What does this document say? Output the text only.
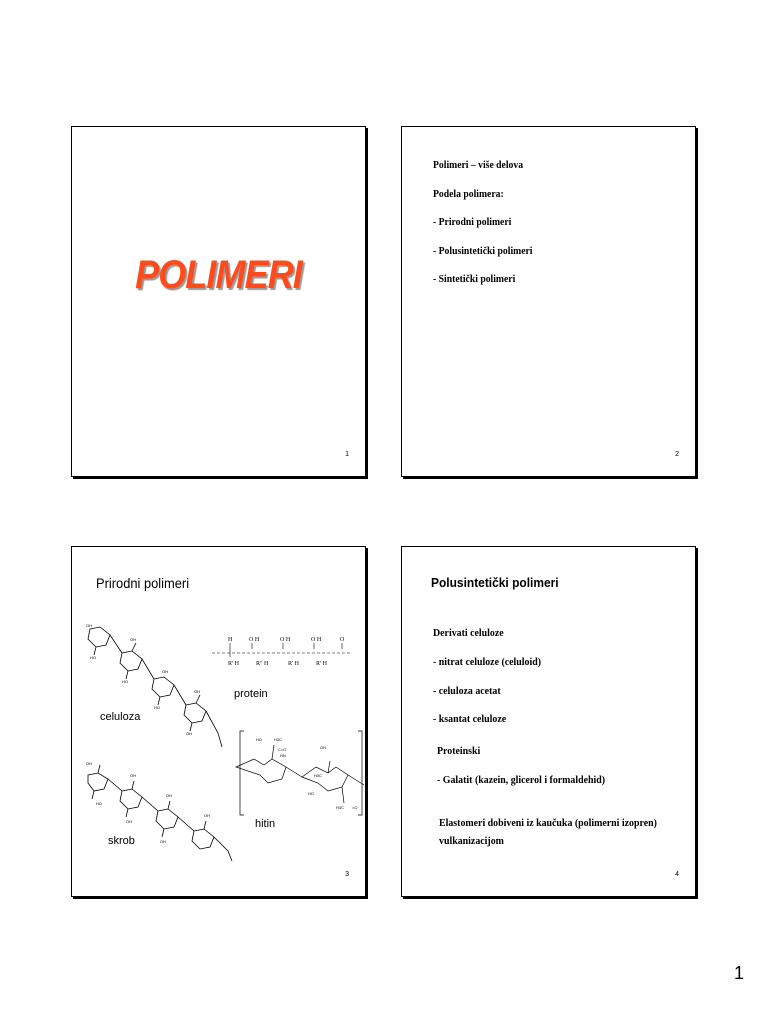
POLIMERI
1
Polimeri – više delova
Podela polimera:
- Prirodni polimeri
- Polusintetički polimeri
- Sintetički polimeri
2
Prirodni polimeri
OH
HO
OH
HO
OH
HO
OH
OH
H	O H	O H	O H	O
R' H	R" H	R' H	R' H
protein
celuloza
HO	H3C
C=O
HN
OH
H3C
HO
H3C =O
hitin
OH
HO
OH
OH
OH
OH
OH
skrob
3
Polusintetički polimeri
Derivati celuloze
- nitrat celuloze (celuloid)
- celuloza acetat
- ksantat celuloze
Proteinski
- Galatit (kazein, glicerol i formaldehid)
Elastomeri dobiveni iz kaučuka (polimerni izopren)
vulkanizacijom
4
1
